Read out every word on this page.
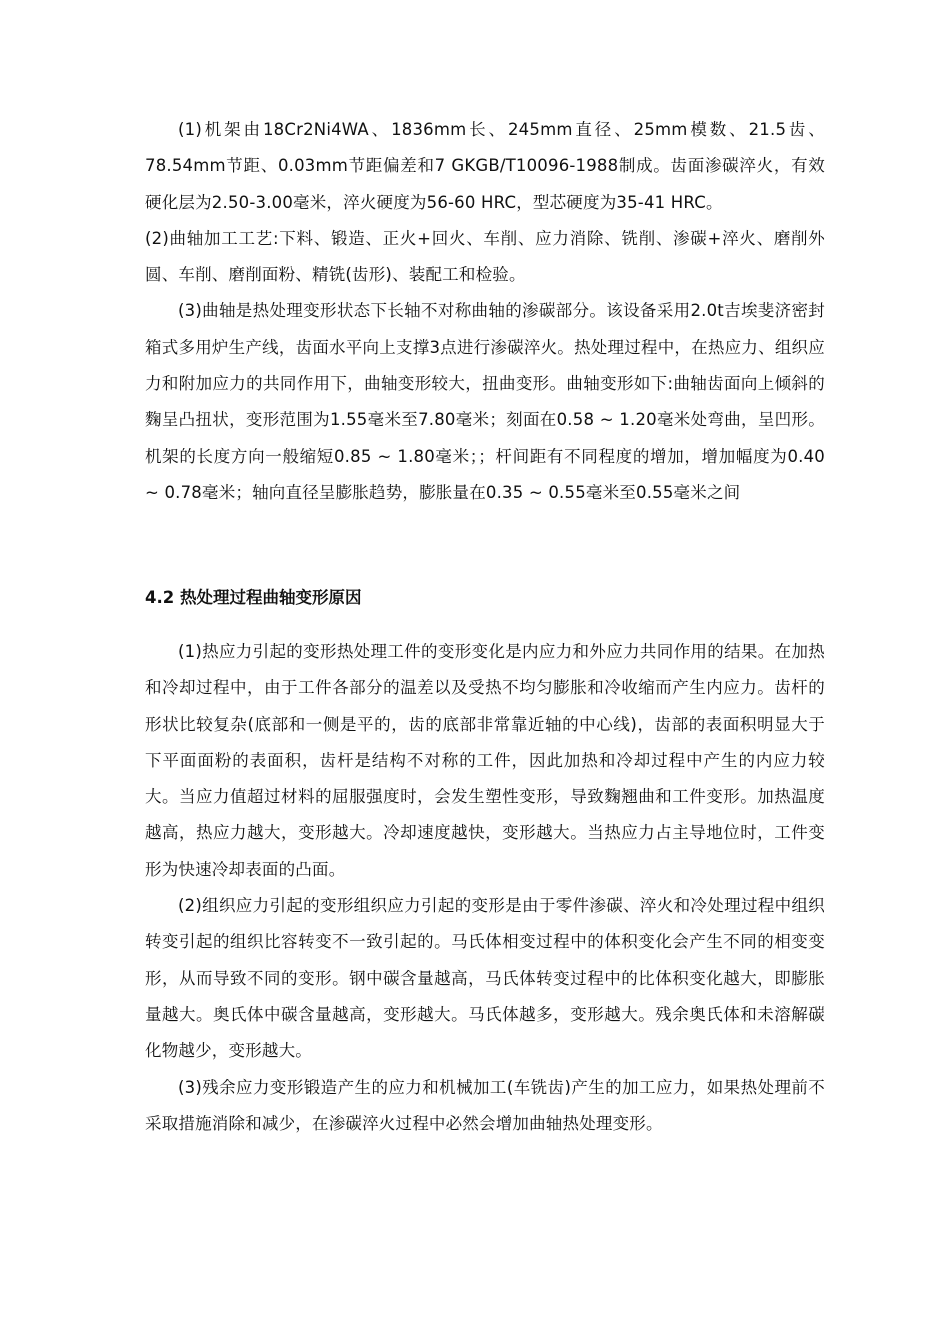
(1)机架由18Cr2Ni4WA、1836mm长、245mm直径、25mm模数、21.5齿、78.54mm节距、0.03mm节距偏差和7 GKGB/T10096-1988制成。齿面渗碳淬火，有效硬化层为2.50-3.00毫米，淬火硬度为56-60 HRC，型芯硬度为35-41 HRC。

(2)曲轴加工工艺:下料、锻造、正火+回火、车削、应力消除、铣削、渗碳+淬火、磨削外圆、车削、磨削面粉、精铣(齿形)、装配工和检验。

(3)曲轴是热处理变形状态下长轴不对称曲轴的渗碳部分。该设备采用2.0t吉埃斐济密封箱式多用炉生产线，齿面水平向上支撑3点进行渗碳淬火。热处理过程中，在热应力、组织应力和附加应力的共同作用下，曲轴变形较大，扭曲变形。曲轴变形如下:曲轴齿面向上倾斜的麴呈凸扭状，变形范围为1.55毫米至7.80毫米；刻面在0.58 ~ 1.20毫米处弯曲，呈凹形。机架的长度方向一般缩短0.85 ~ 1.80毫米；；杆间距有不同程度的增加，增加幅度为0.40 ~ 0.78毫米；轴向直径呈膨胀趋势，膨胀量在0.35 ~ 0.55毫米至0.55毫米之间

4.2 热处理过程曲轴变形原因

(1)热应力引起的变形热处理工件的变形变化是内应力和外应力共同作用的结果。在加热和冷却过程中，由于工件各部分的温差以及受热不均匀膨胀和冷收缩而产生内应力。齿杆的形状比较复杂(底部和一侧是平的，齿的底部非常靠近轴的中心线)，齿部的表面积明显大于下平面面粉的表面积，齿杆是结构不对称的工件，因此加热和冷却过程中产生的内应力较大。当应力值超过材料的屈服强度时，会发生塑性变形，导致麴翘曲和工件变形。加热温度越高，热应力越大，变形越大。冷却速度越快，变形越大。当热应力占主导地位时，工件变形为快速冷却表面的凸面。

(2)组织应力引起的变形组织应力引起的变形是由于零件渗碳、淬火和冷处理过程中组织转变引起的组织比容转变不一致引起的。马氏体相变过程中的体积变化会产生不同的相变变形，从而导致不同的变形。钢中碳含量越高，马氏体转变过程中的比体积变化越大，即膨胀量越大。奥氏体中碳含量越高，变形越大。马氏体越多，变形越大。残余奥氏体和未溶解碳化物越少，变形越大。

(3)残余应力变形锻造产生的应力和机械加工(车铣齿)产生的加工应力，如果热处理前不采取措施消除和减少，在渗碳淬火过程中必然会增加曲轴热处理变形。
